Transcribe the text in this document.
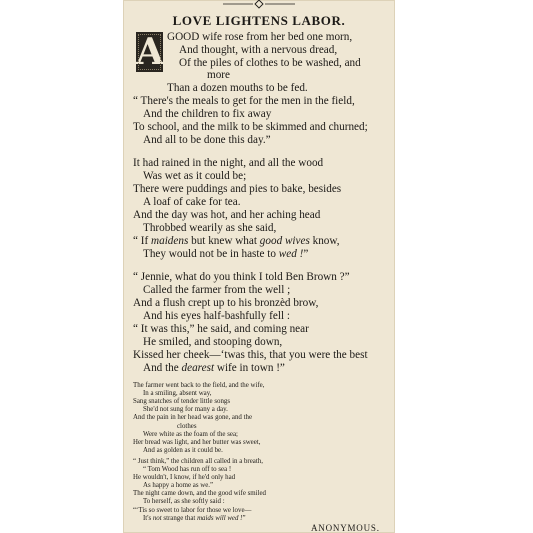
LOVE LIGHTENS LABOR.
A GOOD wife rose from her bed one morn,
And thought, with a nervous dread,
Of the piles of clothes to be washed, and
more
Than a dozen mouths to be fed.
“ There's the meals to get for the men in the field,
And the children to fix away
To school, and the milk to be skimmed and churned;
And all to be done this day.”
It had rained in the night, and all the wood
Was wet as it could be;
There were puddings and pies to bake, besides
A loaf of cake for tea.
And the day was hot, and her aching head
Throbbed wearily as she said,
“ If maidens but knew what good wives know,
They would not be in haste to wed !”
“ Jennie, what do you think I told Ben Brown ?”
Called the farmer from the well ;
And a flush crept up to his bronzèd brow,
And his eyes half-bashfully fell :
“ It was this,” he said, and coming near
He smiled, and stooping down,
Kissed her cheek—‘twas this, that you were the best
And the dearest wife in town !”
The farmer went back to the field, and the wife,
In a smiling, absent way,
Sang snatches of tender little songs
She'd not sung for many a day.
And the pain in her head was gone, and the
clothes
Were white as the foam of the sea;
Her bread was light, and her butter was sweet,
And as golden as it could be.
ANONYMOUS.
“ Just think,” the children all called in a breath,
“ Tom Wood has run off to sea !
He wouldn't, I know, if he'd only had
As happy a home as we.”
The night came down, and the good wife smiled
To herself, as she softly said :
“‘Tis so sweet to labor for those we love—
It's not strange that maids will wed !”
